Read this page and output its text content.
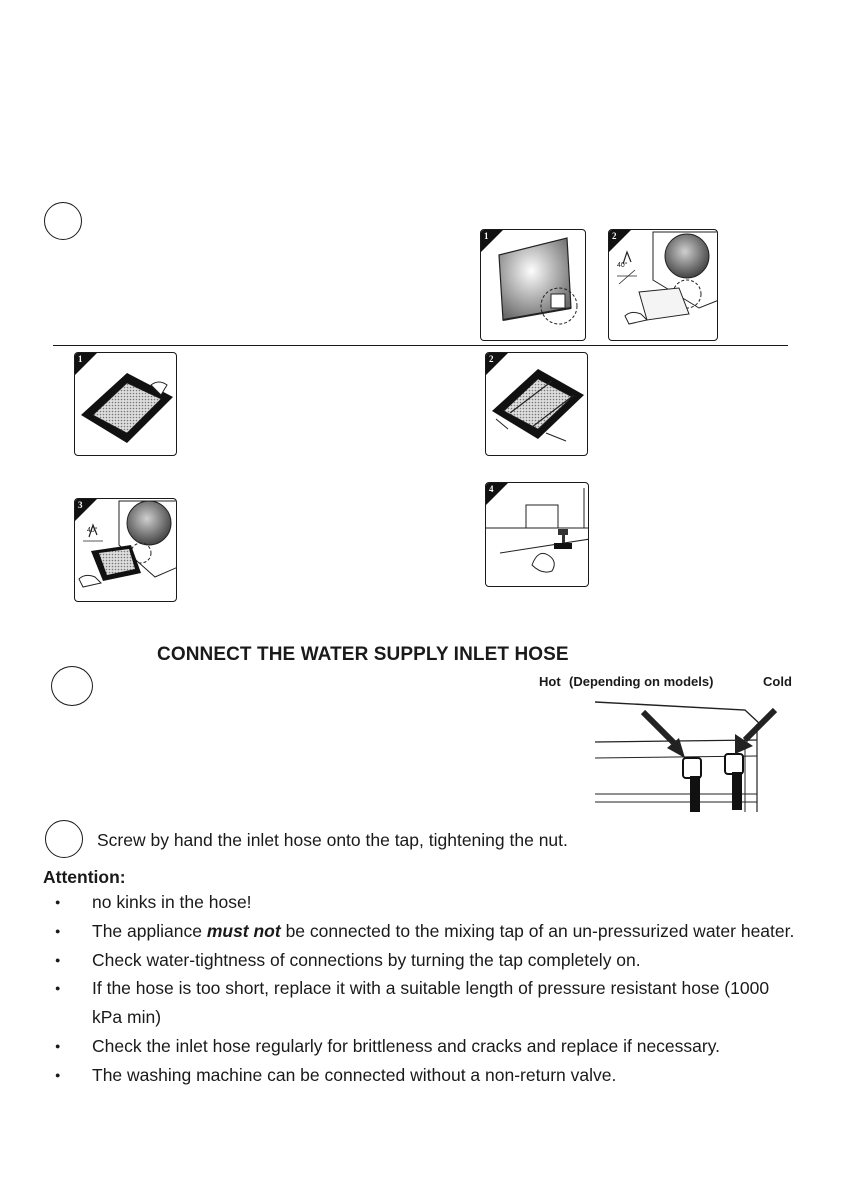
1	2
40°
1	2
3
40°
4
CONNECT THE WATER SUPPLY INLET HOSE
Hot (Depending on models)	Cold
Screw by hand the inlet hose onto the tap, tightening the nut.
Attention:
● no kinks in the hose!
● The appliance must not be connected to the mixing tap of an un-pressurized water heater.
● Check water-tightness of connections by turning the tap completely on.
● If the hose is too short, replace it with a suitable length of pressure resistant hose (1000 kPa min)
● Check the inlet hose regularly for brittleness and cracks and replace if necessary.
● The washing machine can be connected without a non-return valve.
